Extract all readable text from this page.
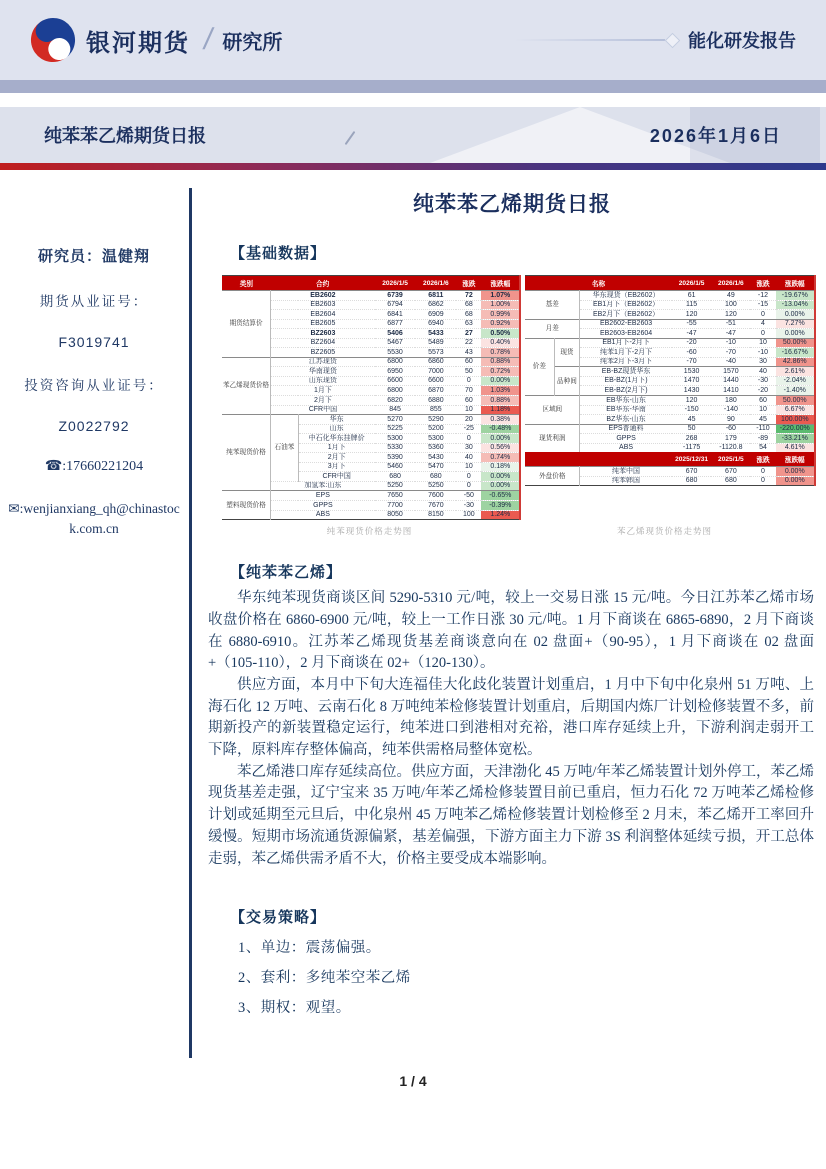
银河期货 / 研究所	能化研发报告
纯苯苯乙烯期货日报	2026年1月6日
研究员：温健翔
期货从业证号：
F3019741
投资咨询从业证号：
Z0022792
☎:17660221204
✉:wenjianxiang_qh@chinastock.com.cn
纯苯苯乙烯期货日报
【基础数据】
类别	合约		2026/1/5	2026/1/6	涨跌	涨跌幅
期货结算价	EB2602		6739	6811	72	1.07%
	EB2603		6794	6862	68	1.00%
	EB2604		6841	6909	68	0.99%
	EB2605		6877	6940	63	0.92%
	BZ2603		5406	5433	27	0.50%
	BZ2604		5467	5489	22	0.40%
	BZ2605		5530	5573	43	0.78%
苯乙烯现货价格	江苏现货		6800	6860	60	0.88%
	华南现货		6950	7000	50	0.72%
	山东现货		6600	6600	0	0.00%
	1月下		6800	6870	70	1.03%
	2月下		6820	6880	60	0.88%
	CFR中国		845	855	10	1.18%
纯苯现货价格	石油苯	华东	5270	5290	20	0.38%
		山东	5225	5200	-25	-0.48%
		中石化华东挂牌价	5300	5300	0	0.00%
		1月下	5330	5360	30	0.56%
		2月下	5390	5430	40	0.74%
		3月下	5460	5470	10	0.18%
		CFR中国	680	680	0	0.00%
	加氢苯:山东		5250	5250	0	0.00%
塑料现货价格	EPS		7650	7600	-50	-0.65%
	GPPS		7700	7670	-30	-0.39%
	ABS		8050	8150	100	1.24%
名称			2026/1/5	2026/1/6	涨跌	涨跌幅
基差		华东现货（EB2602）	61	49	-12	-19.67%
		EB1月下（EB2602）	115	100	-15	-13.04%
		EB2月下（EB2602）	120	120	0	0.00%
月差		EB2602-EB2603	-55	-51	4	7.27%
		EB2603-EB2604	-47	-47	0	0.00%
价差	现货	EB1月下-2月下	-20	-10	10	50.00%
		纯苯1月下-2月下	-60	-70	-10	-16.67%
		纯苯2月下-3月下	-70	-40	30	42.86%
	品种间	EB-BZ现货华东	1530	1570	40	2.61%
		EB-BZ(1月下)	1470	1440	-30	-2.04%
		EB-BZ(2月下)	1430	1410	-20	-1.40%
区域间		EB华东-山东	120	180	60	50.00%
		EB华东-华南	-150	-140	10	6.67%
		BZ华东-山东	45	90	45	100.00%
现货利润		EPS普通料	50	-60	-110	-220.00%
		GPPS	268	179	-89	-33.21%
		ABS	-1175	-1120.8	54	4.61%
			2025/12/31	2025/1/5	涨跌	涨跌幅
外盘价格		纯苯中国	670	670	0	0.00%
		纯苯韩国	680	680	0	0.00%
纯苯现货价格走势图	苯乙烯现货价格走势图
【纯苯苯乙烯】

华东纯苯现货商谈区间 5290-5310 元/吨，较上一交易日涨 15 元/吨。今日江苏苯乙烯市场收盘价格在 6860-6900 元/吨，较上一工作日涨 30 元/吨。1 月下商谈在 6865-6890，2 月下商谈在 6880-6910。江苏苯乙烯现货基差商谈意向在 02 盘面+（90-95），1 月下商谈在 02 盘面+（105-110），2 月下商谈在 02+（120-130）。

供应方面，本月中下旬大连福佳大化歧化装置计划重启，1 月中下旬中化泉州 51 万吨、上海石化 12 万吨、云南石化 8 万吨纯苯检修装置计划重启，后期国内炼厂计划检修装置不多，前期新投产的新装置稳定运行，纯苯进口到港相对充裕，港口库存延续上升，下游利润走弱开工下降，原料库存整体偏高，纯苯供需格局整体宽松。

苯乙烯港口库存延续高位。供应方面，天津渤化 45 万吨/年苯乙烯装置计划外停工，苯乙烯现货基差走强，辽宁宝来 35 万吨/年苯乙烯检修装置目前已重启，恒力石化 72 万吨苯乙烯检修计划或延期至元旦后，中化泉州 45 万吨苯乙烯检修装置计划检修至 2 月末，苯乙烯开工率回升缓慢。短期市场流通货源偏紧，基差偏强，下游方面主力下游 3S 利润整体延续亏损，开工总体走弱，苯乙烯供需矛盾不大，价格主要受成本端影响。

【交易策略】
1、单边：震荡偏强。
2、套利：多纯苯空苯乙烯
3、期权：观望。
1 / 4
